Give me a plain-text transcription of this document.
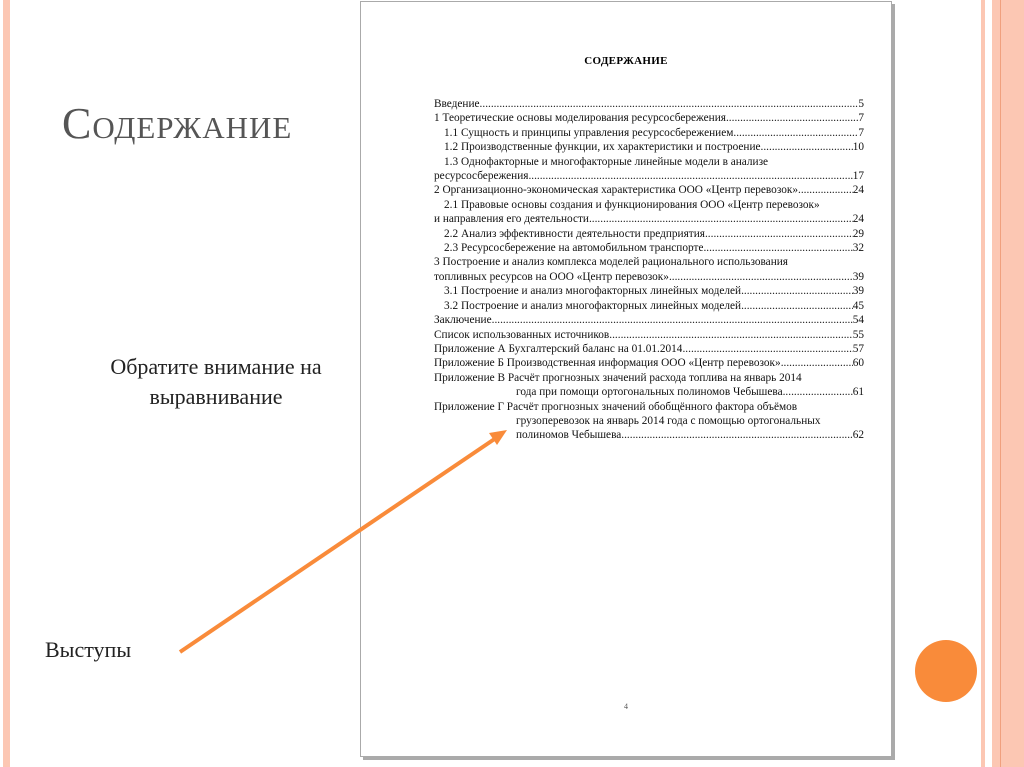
Содержание
Обратите внимание на выравнивание
Выступы
СОДЕРЖАНИЕ
Введение .....	5
1 Теоретические основы моделирования ресурсосбережения .....	7
1.1 Сущность и принципы управления ресурсосбережением .....	7
1.2 Производственные функции, их характеристики и построение .....	10
1.3 Однофакторные и многофакторные линейные модели в анализе
ресурсосбережения .....	17
2 Организационно-экономическая характеристика ООО «Центр перевозок» .....	24
2.1 Правовые основы создания и функционирования ООО «Центр перевозок»
и направления его деятельности .....	24
2.2 Анализ эффективности деятельности предприятия .....	29
2.3 Ресурсосбережение на автомобильном транспорте .....	32
3 Построение и анализ комплекса моделей рационального использования
топливных ресурсов на ООО «Центр перевозок» .....	39
3.1 Построение и анализ многофакторных линейных моделей .....	39
3.2 Построение и анализ многофакторных линейных моделей .....	45
Заключение .....	54
Список использованных источников .....	55
Приложение А Бухгалтерский баланс на 01.01.2014 .....	57
Приложение Б Производственная информация ООО «Центр перевозок» .....	60
Приложение В Расчёт прогнозных значений расхода топлива на январь 2014
года при помощи ортогональных полиномов Чебышева .....	61
Приложение Г Расчёт прогнозных значений обобщённого фактора объёмов
грузоперевозок на январь 2014 года с помощью ортогональных
полиномов Чебышева .....	62
4
